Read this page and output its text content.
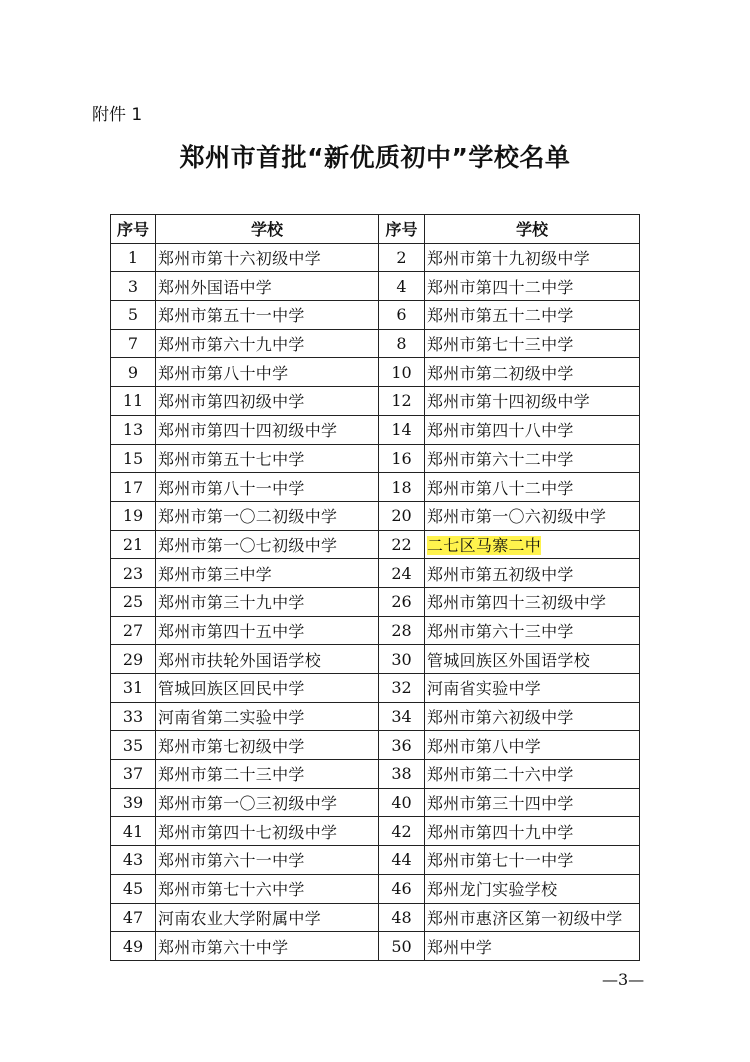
附件 1
郑州市首批“新优质初中”学校名单
序号	学校	序号	学校
1	郑州市第十六初级中学	2	郑州市第十九初级中学
3	郑州外国语中学	4	郑州市第四十二中学
5	郑州市第五十一中学	6	郑州市第五十二中学
7	郑州市第六十九中学	8	郑州市第七十三中学
9	郑州市第八十中学	10	郑州市第二初级中学
11	郑州市第四初级中学	12	郑州市第十四初级中学
13	郑州市第四十四初级中学	14	郑州市第四十八中学
15	郑州市第五十七中学	16	郑州市第六十二中学
17	郑州市第八十一中学	18	郑州市第八十二中学
19	郑州市第一〇二初级中学	20	郑州市第一〇六初级中学
21	郑州市第一〇七初级中学	22	二七区马寨二中
23	郑州市第三中学	24	郑州市第五初级中学
25	郑州市第三十九中学	26	郑州市第四十三初级中学
27	郑州市第四十五中学	28	郑州市第六十三中学
29	郑州市扶轮外国语学校	30	管城回族区外国语学校
31	管城回族区回民中学	32	河南省实验中学
33	河南省第二实验中学	34	郑州市第六初级中学
35	郑州市第七初级中学	36	郑州市第八中学
37	郑州市第二十三中学	38	郑州市第二十六中学
39	郑州市第一〇三初级中学	40	郑州市第三十四中学
41	郑州市第四十七初级中学	42	郑州市第四十九中学
43	郑州市第六十一中学	44	郑州市第七十一中学
45	郑州市第七十六中学	46	郑州龙门实验学校
47	河南农业大学附属中学	48	郑州市惠济区第一初级中学
49	郑州市第六十中学	50	郑州中学
—3—
